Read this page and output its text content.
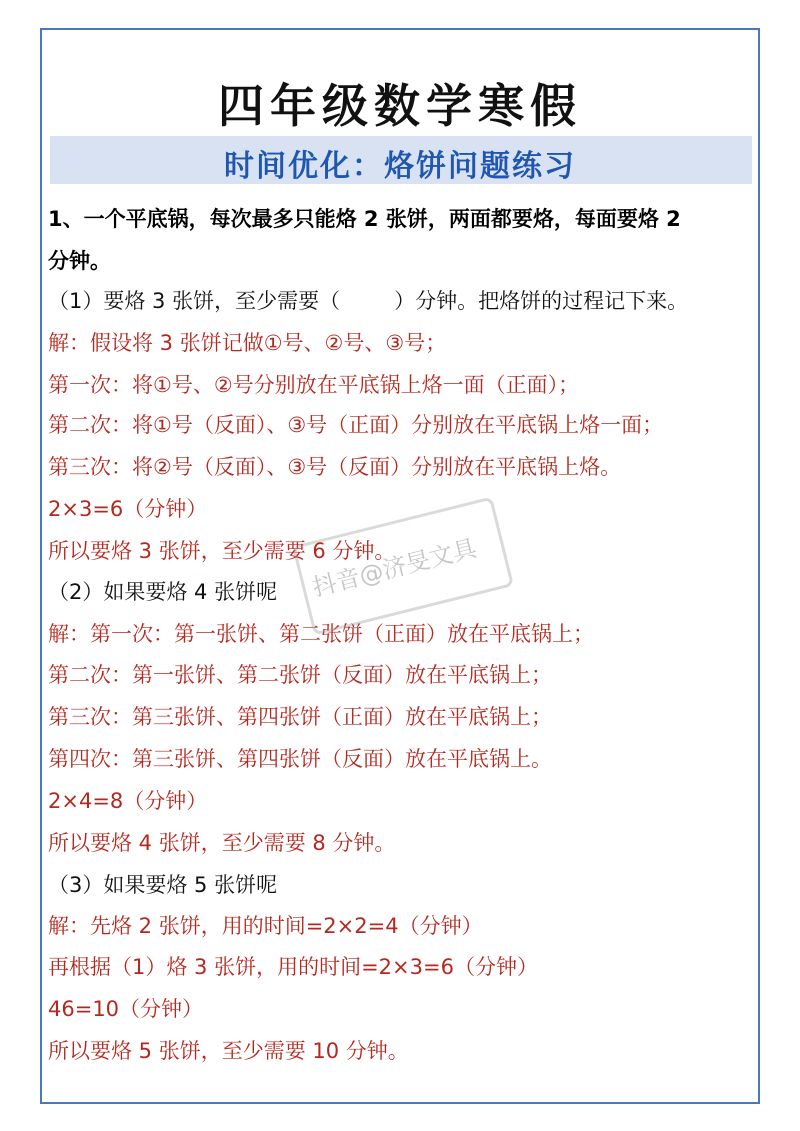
四年级数学寒假
时间优化：烙饼问题练习
1、一个平底锅，每次最多只能烙 2 张饼，两面都要烙，每面要烙 2
分钟。
（1）要烙 3 张饼，至少需要（	）分钟。把烙饼的过程记下来。
解：假设将 3 张饼记做①号、②号、③号；
第一次：将①号、②号分别放在平底锅上烙一面（正面）；
第二次：将①号（反面）、③号（正面）分别放在平底锅上烙一面；
第三次：将②号（反面）、③号（反面）分别放在平底锅上烙。
2×3=6（分钟）
所以要烙 3 张饼，至少需要 6 分钟。
（2）如果要烙 4 张饼呢
解：第一次：第一张饼、第二张饼（正面）放在平底锅上；
第二次：第一张饼、第二张饼（反面）放在平底锅上；
第三次：第三张饼、第四张饼（正面）放在平底锅上；
第四次：第三张饼、第四张饼（反面）放在平底锅上。
2×4=8（分钟）
所以要烙 4 张饼，至少需要 8 分钟。
（3）如果要烙 5 张饼呢
解：先烙 2 张饼，用的时间=2×2=4（分钟）
再根据（1）烙 3 张饼，用的时间=2×3=6（分钟）
46=10（分钟）
所以要烙 5 张饼，至少需要 10 分钟。
抖音@济旻文具
